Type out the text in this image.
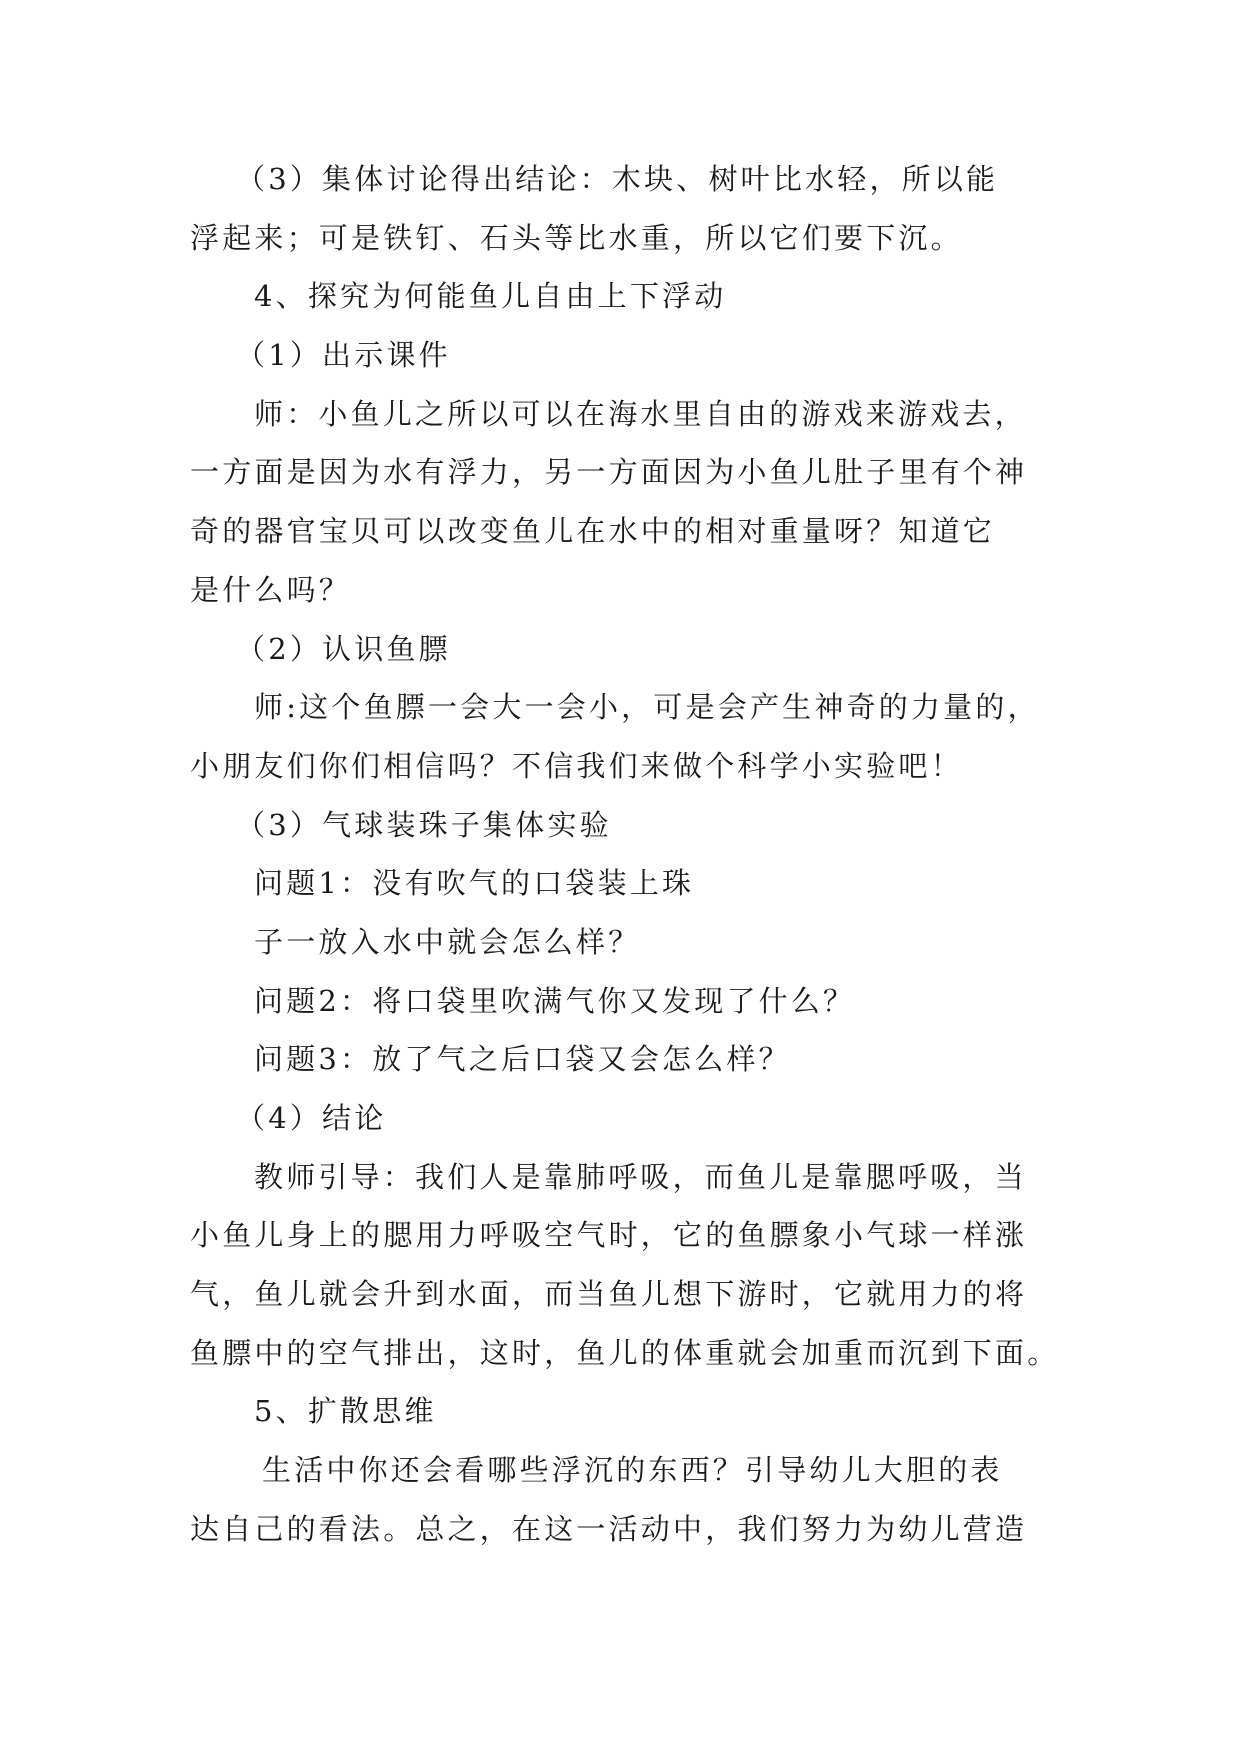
（3）集体讨论得出结论：木块、树叶比水轻，所以能
浮起来；可是铁钉、石头等比水重，所以它们要下沉。
4、探究为何能鱼儿自由上下浮动
（1）出示课件
师：小鱼儿之所以可以在海水里自由的游戏来游戏去，
一方面是因为水有浮力，另一方面因为小鱼儿肚子里有个神
奇的器官宝贝可以改变鱼儿在水中的相对重量呀？知道它
是什么吗？
（2）认识鱼膘
师:这个鱼膘一会大一会小，可是会产生神奇的力量的，
小朋友们你们相信吗？不信我们来做个科学小实验吧！
（3）气球装珠子集体实验
问题1：没有吹气的口袋装上珠
子一放入水中就会怎么样？
问题2：将口袋里吹满气你又发现了什么？
问题3：放了气之后口袋又会怎么样？
（4）结论
教师引导：我们人是靠肺呼吸，而鱼儿是靠腮呼吸，当
小鱼儿身上的腮用力呼吸空气时，它的鱼膘象小气球一样涨
气，鱼儿就会升到水面，而当鱼儿想下游时，它就用力的将
鱼膘中的空气排出，这时，鱼儿的体重就会加重而沉到下面。
5、扩散思维
生活中你还会看哪些浮沉的东西？引导幼儿大胆的表
达自己的看法。总之，在这一活动中，我们努力为幼儿营造
